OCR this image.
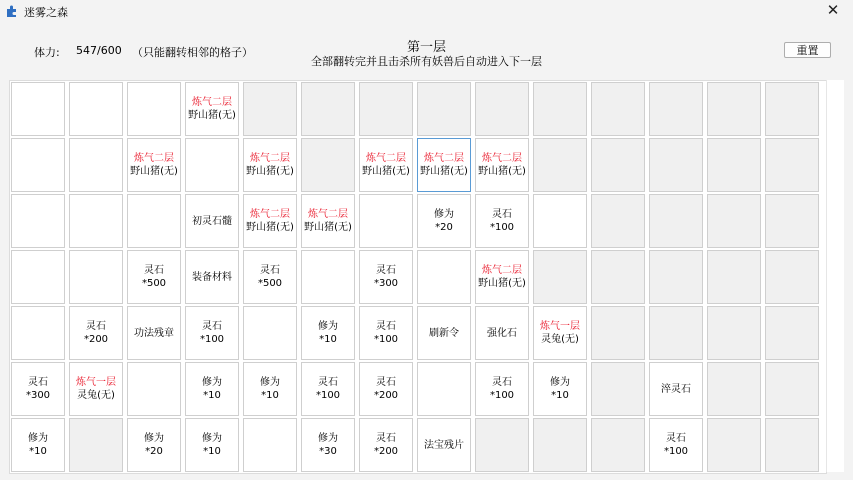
迷雾之森	✕
体力: 547/600 （只能翻转相邻的格子）	第一层
全部翻转完并且击杀所有妖兽后自动进入下一层
重置
炼气二层
野山猪(无)
炼气二层
野山猪(无)
炼气二层
野山猪(无)
炼气二层
野山猪(无)
炼气二层
野山猪(无)
炼气二层
野山猪(无)
初灵石髓
炼气二层
野山猪(无)
炼气二层
野山猪(无)
修为
*20
灵石
*100
灵石
*500
装备材料
灵石
*500
灵石
*300
炼气二层
野山猪(无)
灵石
*200
功法残章
灵石
*100
修为
*10
灵石
*100
刷新令	强化石
炼气一层
灵兔(无)
灵石
*300
炼气一层
灵兔(无)
修为
*10
修为
*10
灵石
*100
灵石
*200
灵石
*100
修为
*10
淬灵石
修为
*10
修为
*20
修为
*10
修为
*30
灵石
*200
法宝残片
灵石
*100
